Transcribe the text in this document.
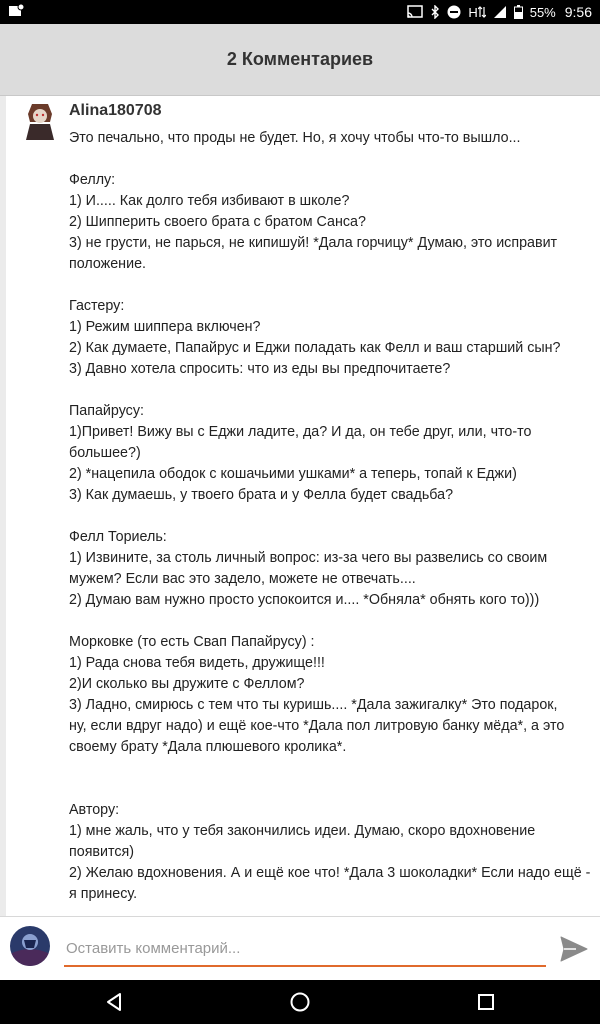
H	55% 9:56
2 Комментариев
Alina180708
Это печально, что проды не будет. Но, я хочу чтобы что-то вышло...
Феллу:
1) И..... Как долго тебя избивают в школе?
2) Шипперить своего брата с братом Санса?
3) не грусти, не парься, не кипишуй! *Дала горчицу* Думаю, это исправит
положение.
Гастеру:
1) Режим шиппера включен?
2) Как думаете, Папайрус и Еджи поладать как Фелл и ваш старший сын?
3) Давно хотела спросить: что из еды вы предпочитаете?
Папайрусу:
1)Привет! Вижу вы с Еджи ладите, да? И да, он тебе друг, или, что-то
большее?)
2) *нацепила ободок с кошачьими ушками* а теперь, топай к Еджи)
3) Как думаешь, у твоего брата и у Фелла будет свадьба?
Фелл Ториель:
1) Извините, за столь личный вопрос: из-за чего вы развелись со своим
мужем? Если вас это задело, можете не отвечать....
2) Думаю вам нужно просто успокоится и.... *Обняла* обнять кого то)))
Морковке (то есть Свап Папайрусу) :
1) Рада снова тебя видеть, дружище!!!
2)И сколько вы дружите с Феллом?
3) Ладно, смирюсь с тем что ты куришь.... *Дала зажигалку* Это подарок,
ну, если вдруг надо) и ещё кое-что *Дала пол литровую банку мёда*, а это
своему брату *Дала плюшевого кролика*.
Автору:
1) мне жаль, что у тебя закончились идеи. Думаю, скоро вдохновение
появится)
2) Желаю вдохновения. А и ещё кое что! *Дала 3 шоколадки* Если надо ещё -
я принесу.
Оставить комментарий...
